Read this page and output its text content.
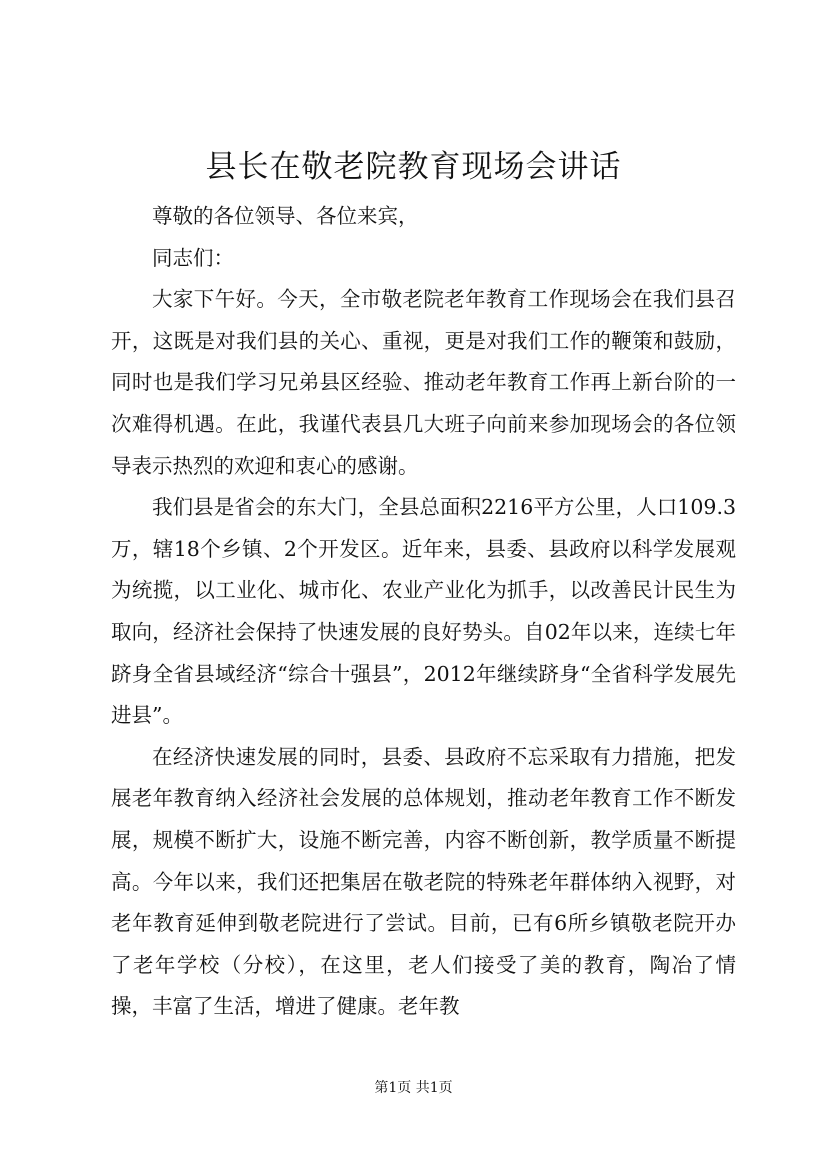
县长在敬老院教育现场会讲话

尊敬的各位领导、各位来宾，

同志们：

大家下午好。今天，全市敬老院老年教育工作现场会在我们县召开，这既是对我们县的关心、重视，更是对我们工作的鞭策和鼓励，同时也是我们学习兄弟县区经验、推动老年教育工作再上新台阶的一次难得机遇。在此，我谨代表县几大班子向前来参加现场会的各位领导表示热烈的欢迎和衷心的感谢。

我们县是省会的东大门，全县总面积2216平方公里，人口109.3万，辖18个乡镇、2个开发区。近年来，县委、县政府以科学发展观为统揽，以工业化、城市化、农业产业化为抓手，以改善民计民生为取向，经济社会保持了快速发展的良好势头。自02年以来，连续七年跻身全省县域经济“综合十强县”，2012年继续跻身“全省科学发展先进县”。

在经济快速发展的同时，县委、县政府不忘采取有力措施，把发展老年教育纳入经济社会发展的总体规划，推动老年教育工作不断发展，规模不断扩大，设施不断完善，内容不断创新，教学质量不断提高。今年以来，我们还把集居在敬老院的特殊老年群体纳入视野，对老年教育延伸到敬老院进行了尝试。目前，已有6所乡镇敬老院开办了老年学校（分校），在这里，老人们接受了美的教育，陶冶了情操，丰富了生活，增进了健康。老年教

第1页 共1页
